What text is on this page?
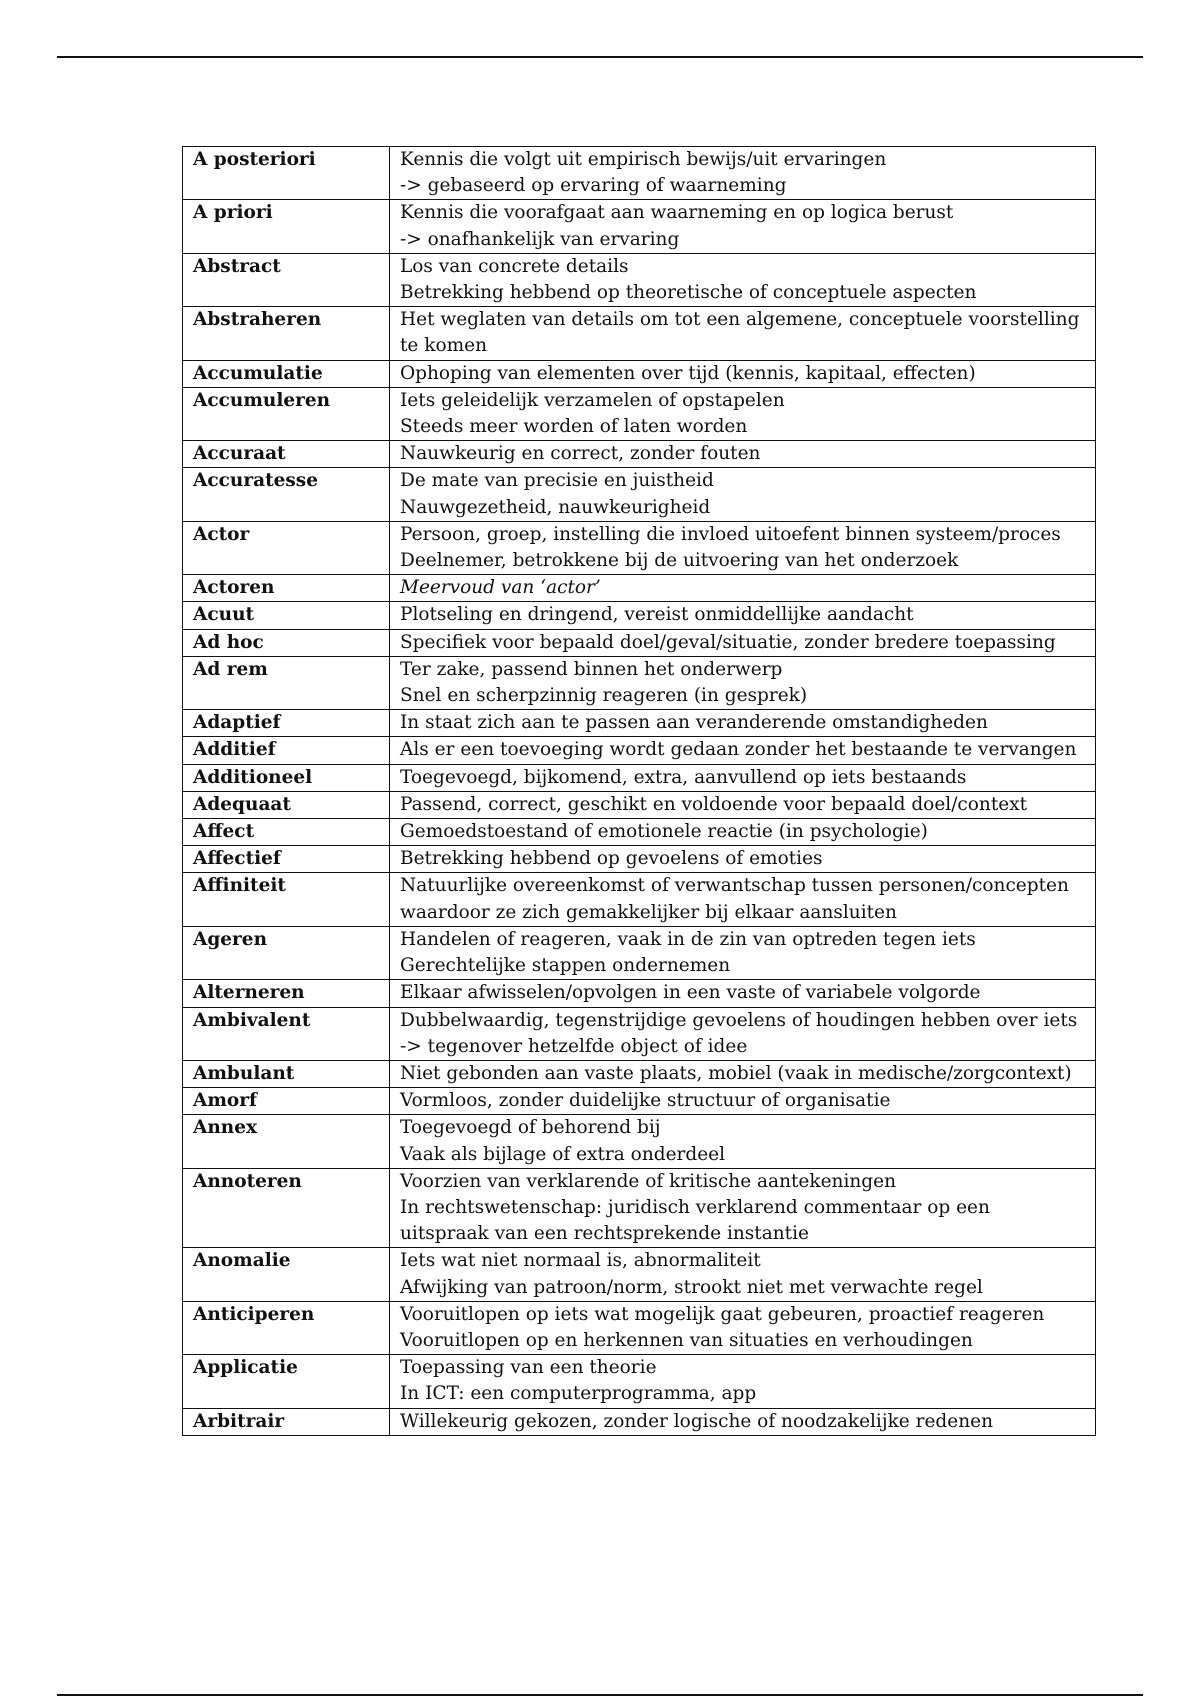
A posteriori	Kennis die volgt uit empirisch bewijs/uit ervaringen
-> gebaseerd op ervaring of waarneming

A priori	Kennis die voorafgaat aan waarneming en op logica berust
-> onafhankelijk van ervaring

Abstract	Los van concrete details
Betrekking hebbend op theoretische of conceptuele aspecten

Abstraheren	Het weglaten van details om tot een algemene, conceptuele voorstelling
te komen

Accumulatie	Ophoping van elementen over tijd (kennis, kapitaal, effecten)

Accumuleren	Iets geleidelijk verzamelen of opstapelen
Steeds meer worden of laten worden

Accuraat	Nauwkeurig en correct, zonder fouten

Accuratesse	De mate van precisie en juistheid
Nauwgezetheid, nauwkeurigheid

Actor	Persoon, groep, instelling die invloed uitoefent binnen systeem/proces
Deelnemer, betrokkene bij de uitvoering van het onderzoek

Actoren	Meervoud van ‘actor’

Acuut	Plotseling en dringend, vereist onmiddellijke aandacht

Ad hoc	Specifiek voor bepaald doel/geval/situatie, zonder bredere toepassing

Ad rem	Ter zake, passend binnen het onderwerp
Snel en scherpzinnig reageren (in gesprek)

Adaptief	In staat zich aan te passen aan veranderende omstandigheden

Additief	Als er een toevoeging wordt gedaan zonder het bestaande te vervangen

Additioneel	Toegevoegd, bijkomend, extra, aanvullend op iets bestaands

Adequaat	Passend, correct, geschikt en voldoende voor bepaald doel/context

Affect	Gemoedstoestand of emotionele reactie (in psychologie)

Affectief	Betrekking hebbend op gevoelens of emoties

Affiniteit	Natuurlijke overeenkomst of verwantschap tussen personen/concepten
waardoor ze zich gemakkelijker bij elkaar aansluiten

Ageren	Handelen of reageren, vaak in de zin van optreden tegen iets
Gerechtelijke stappen ondernemen

Alterneren	Elkaar afwisselen/opvolgen in een vaste of variabele volgorde

Ambivalent	Dubbelwaardig, tegenstrijdige gevoelens of houdingen hebben over iets
-> tegenover hetzelfde object of idee

Ambulant	Niet gebonden aan vaste plaats, mobiel (vaak in medische/zorgcontext)

Amorf	Vormloos, zonder duidelijke structuur of organisatie

Annex	Toegevoegd of behorend bij
Vaak als bijlage of extra onderdeel

Annoteren	Voorzien van verklarende of kritische aantekeningen
In rechtswetenschap: juridisch verklarend commentaar op een
uitspraak van een rechtsprekende instantie

Anomalie	Iets wat niet normaal is, abnormaliteit
Afwijking van patroon/norm, strookt niet met verwachte regel

Anticiperen	Vooruitlopen op iets wat mogelijk gaat gebeuren, proactief reageren
Vooruitlopen op en herkennen van situaties en verhoudingen

Applicatie	Toepassing van een theorie
In ICT: een computerprogramma, app

Arbitrair	Willekeurig gekozen, zonder logische of noodzakelijke redenen
